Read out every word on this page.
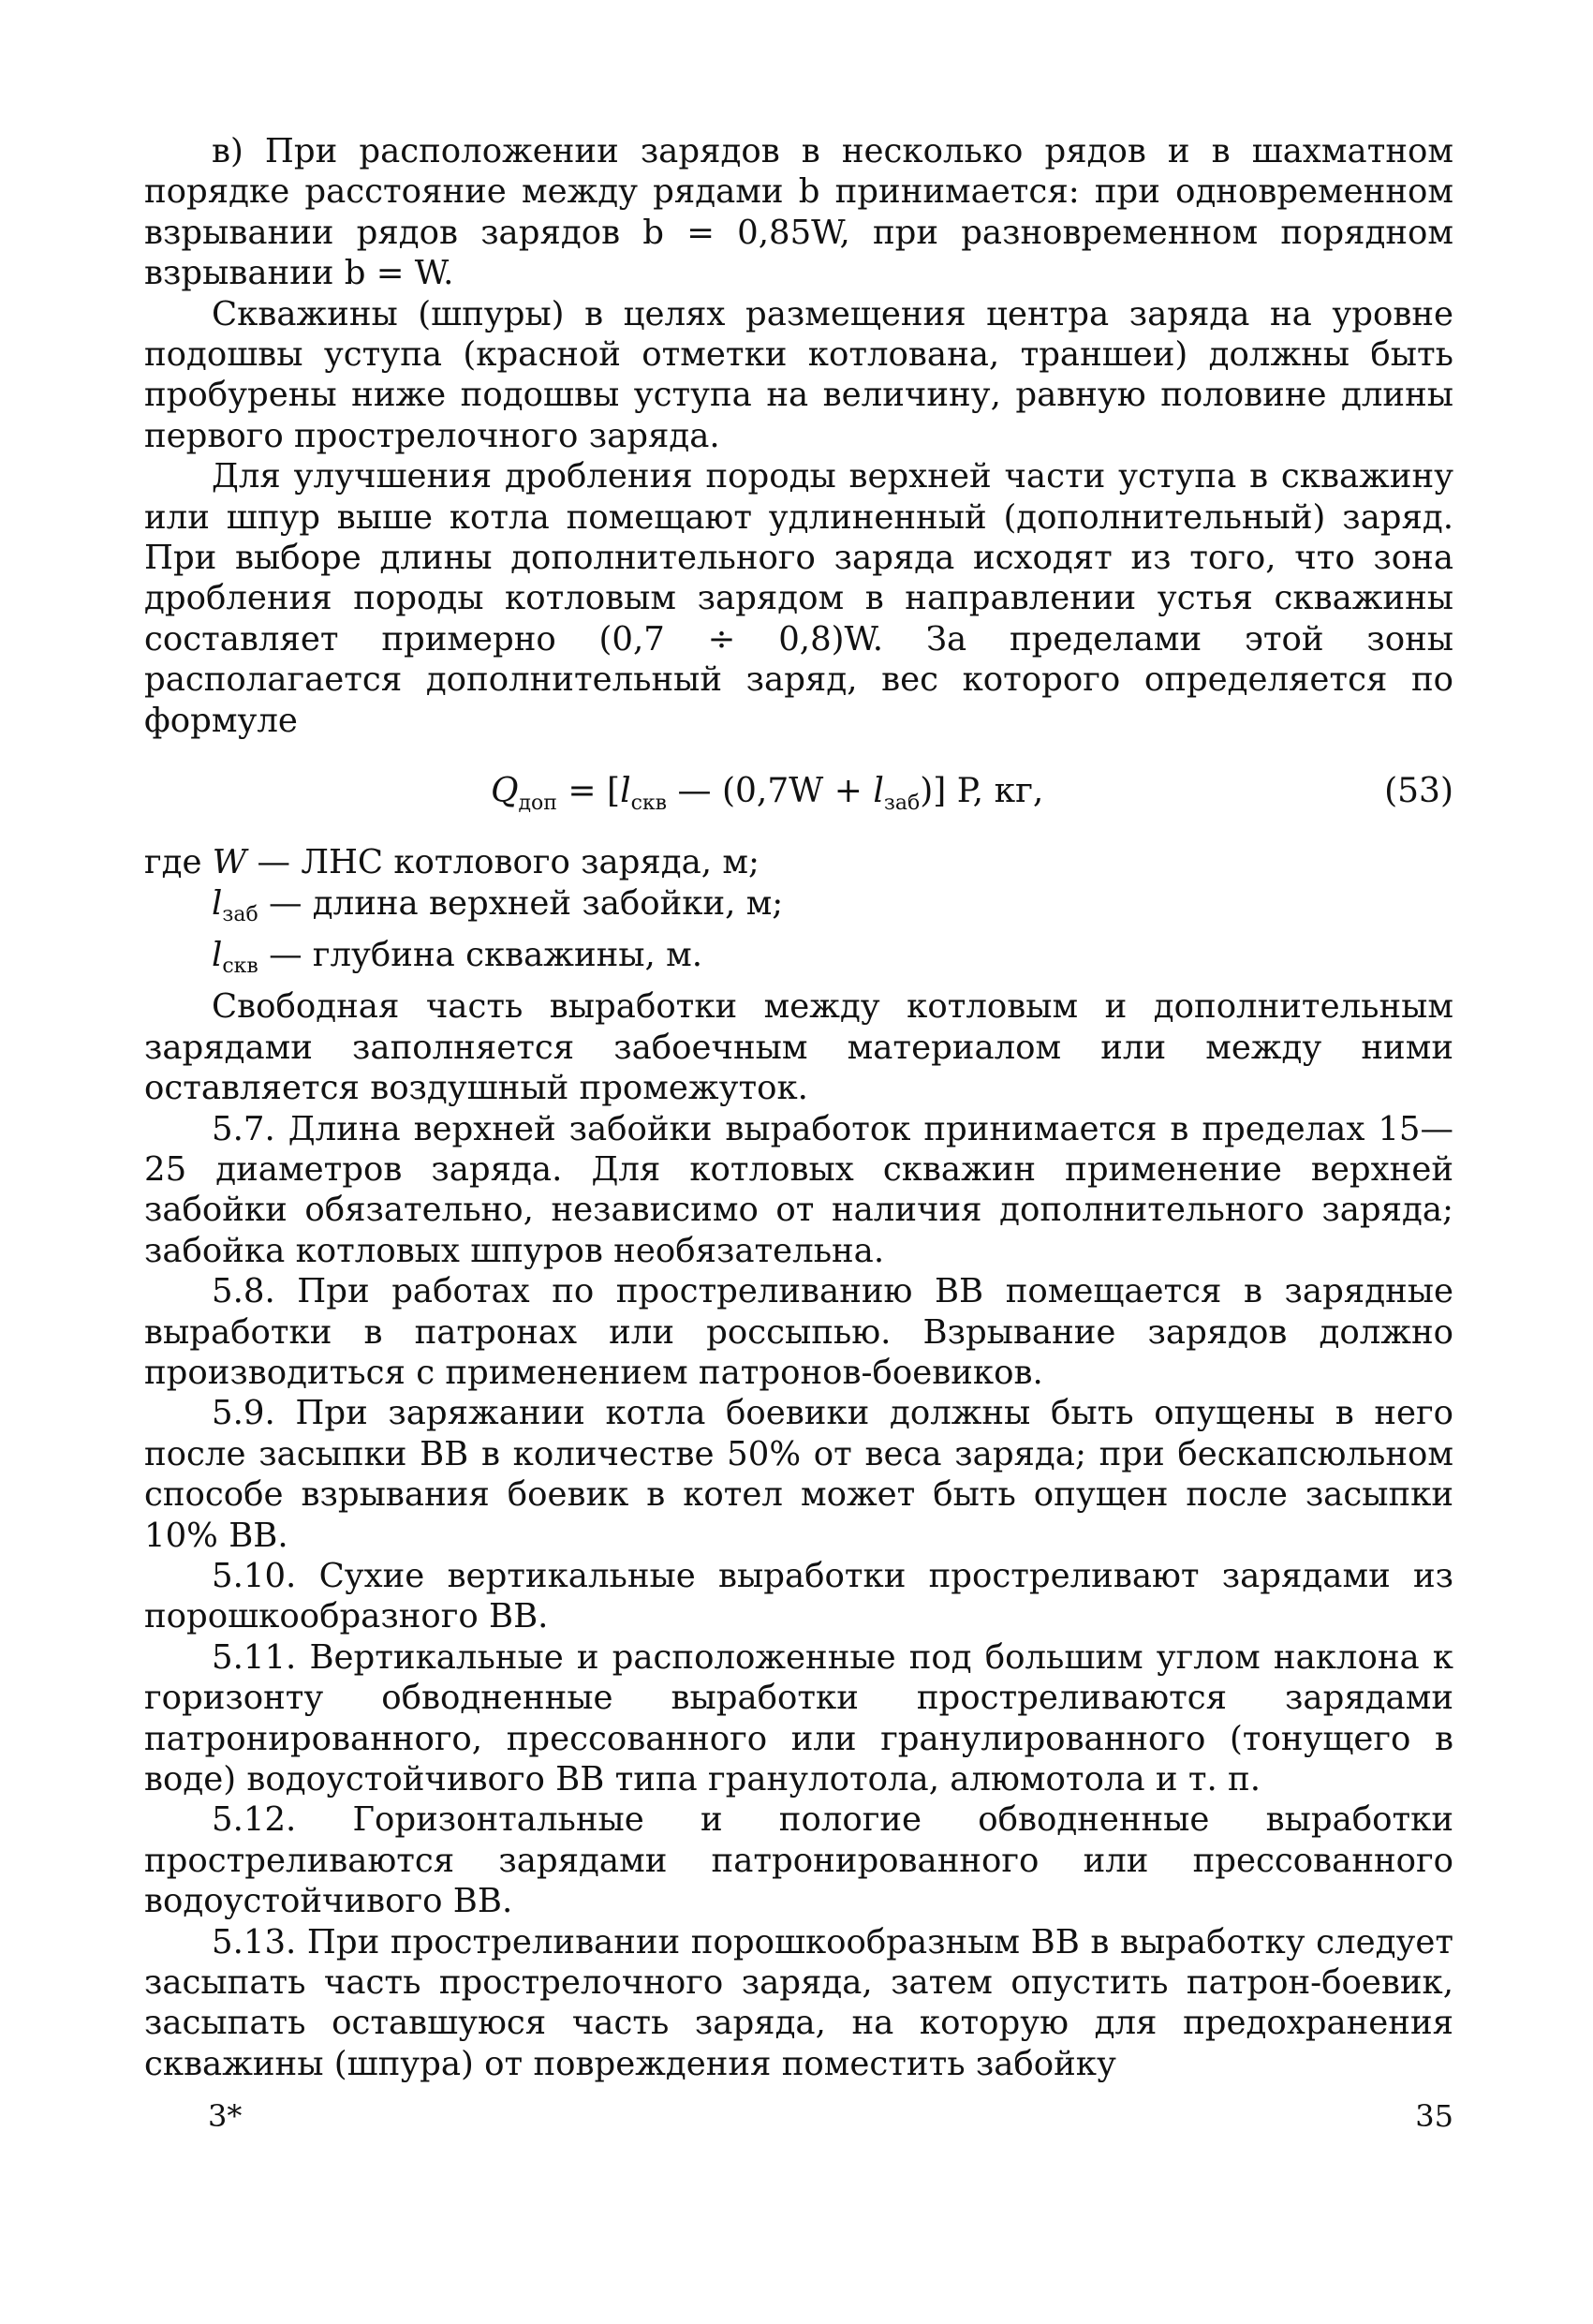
в) При расположении зарядов в несколько рядов и в шахматном порядке расстояние между рядами b принимается: при одновременном взрывании рядов зарядов b = 0,85W, при разновременном порядном взрывании b = W.

Скважины (шпуры) в целях размещения центра заряда на уровне подошвы уступа (красной отметки котлована, траншеи) должны быть пробурены ниже подошвы уступа на величину, равную половине длины первого прострелочного заряда.

Для улучшения дробления породы верхней части уступа в скважину или шпур выше котла помещают удлиненный (дополнительный) заряд. При выборе длины дополнительного заряда исходят из того, что зона дробления породы котловым зарядом в направлении устья скважины составляет примерно (0,7 ÷ 0,8)W. За пределами этой зоны располагается дополнительный заряд, вес которого определяется по формуле

$Q_{доп} = [l_{скв}$ — $(0,7W + l_{заб})$] P, кг,	(53)
где W — ЛНС котлового заряда, м;
$l_{заб}$ — длина верхней забойки, м;
$l_{скв}$ — глубина скважины, м.

Свободная часть выработки между котловым и дополнительным зарядами заполняется забоечным материалом или между ними оставляется воздушный промежуток.

5.7. Длина верхней забойки выработок принимается в пределах 15—25 диаметров заряда. Для котловых скважин применение верхней забойки обязательно, независимо от наличия дополнительного заряда; забойка котловых шпуров необязательна.

5.8. При работах по простреливанию ВВ помещается в зарядные выработки в патронах или россыпью. Взрывание зарядов должно производиться с применением патронов-боевиков.

5.9. При заряжании котла боевики должны быть опущены в него после засыпки ВВ в количестве 50% от веса заряда; при бескапсюльном способе взрывания боевик в котел может быть опущен после засыпки 10% ВВ.

5.10. Сухие вертикальные выработки простреливают зарядами из порошкообразного ВВ.

5.11. Вертикальные и расположенные под большим углом наклона к горизонту обводненные выработки простреливаются зарядами патронированного, прессованного или гранулированного (тонущего в воде) водоустойчивого ВВ типа гранулотола, алюмотола и т. п.

5.12. Горизонтальные и пологие обводненные выработки простреливаются зарядами патронированного или прессованного водоустойчивого ВВ.

5.13. При простреливании порошкообразным ВВ в выработку следует засыпать часть прострелочного заряда, затем опустить патрон-боевик, засыпать оставшуюся часть заряда, на которую для предохранения скважины (шпура) от повреждения поместить забойку

3*	35
